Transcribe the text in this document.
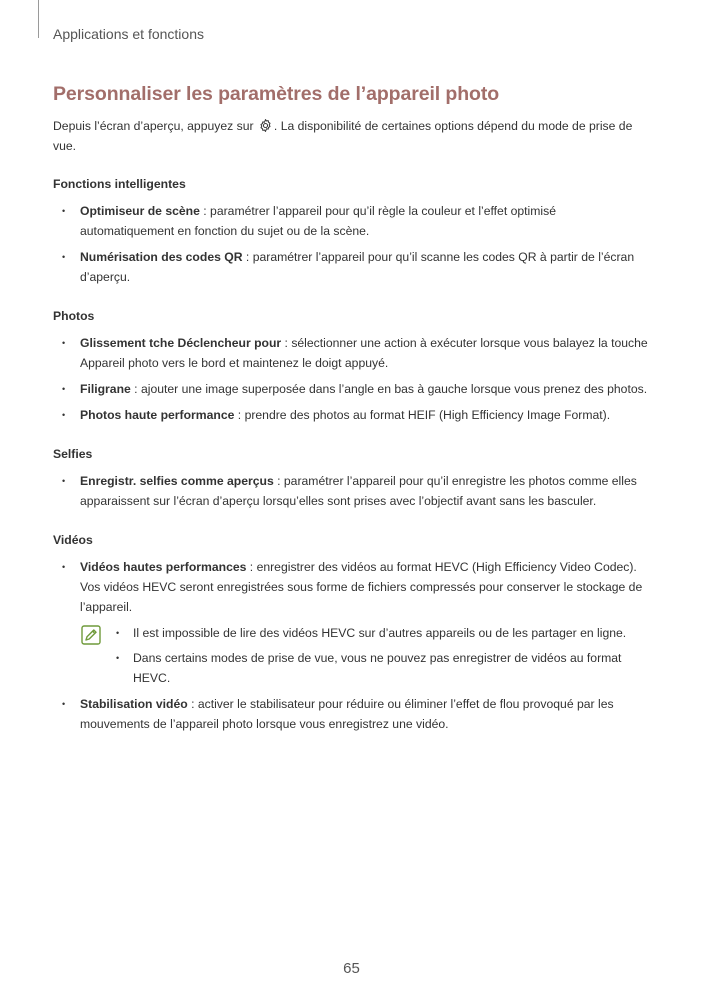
Applications et fonctions
Personnaliser les paramètres de l’appareil photo

Depuis l’écran d’aperçu, appuyez sur . La disponibilité de certaines options dépend du mode de prise de vue.

Fonctions intelligentes
• Optimiseur de scène : paramétrer l’appareil pour qu’il règle la couleur et l’effet optimisé automatiquement en fonction du sujet ou de la scène.
• Numérisation des codes QR : paramétrer l’appareil pour qu’il scanne les codes QR à partir de l’écran d’aperçu.
Photos
• Glissement tche Déclencheur pour : sélectionner une action à exécuter lorsque vous balayez la touche Appareil photo vers le bord et maintenez le doigt appuyé.
• Filigrane : ajouter une image superposée dans l’angle en bas à gauche lorsque vous prenez des photos.
• Photos haute performance : prendre des photos au format HEIF (High Efficiency Image Format).
Selfies
• Enregistr. selfies comme aperçus : paramétrer l’appareil pour qu’il enregistre les photos comme elles apparaissent sur l’écran d’aperçu lorsqu’elles sont prises avec l’objectif avant sans les basculer.
Vidéos
• Vidéos hautes performances : enregistrer des vidéos au format HEVC (High Efficiency Video Codec). Vos vidéos HEVC seront enregistrées sous forme de fichiers compressés pour conserver le stockage de l’appareil.
• Il est impossible de lire des vidéos HEVC sur d’autres appareils ou de les partager en ligne.
• Dans certains modes de prise de vue, vous ne pouvez pas enregistrer de vidéos au format HEVC.
• Stabilisation vidéo : activer le stabilisateur pour réduire ou éliminer l’effet de flou provoqué par les mouvements de l’appareil photo lorsque vous enregistrez une vidéo.
65
